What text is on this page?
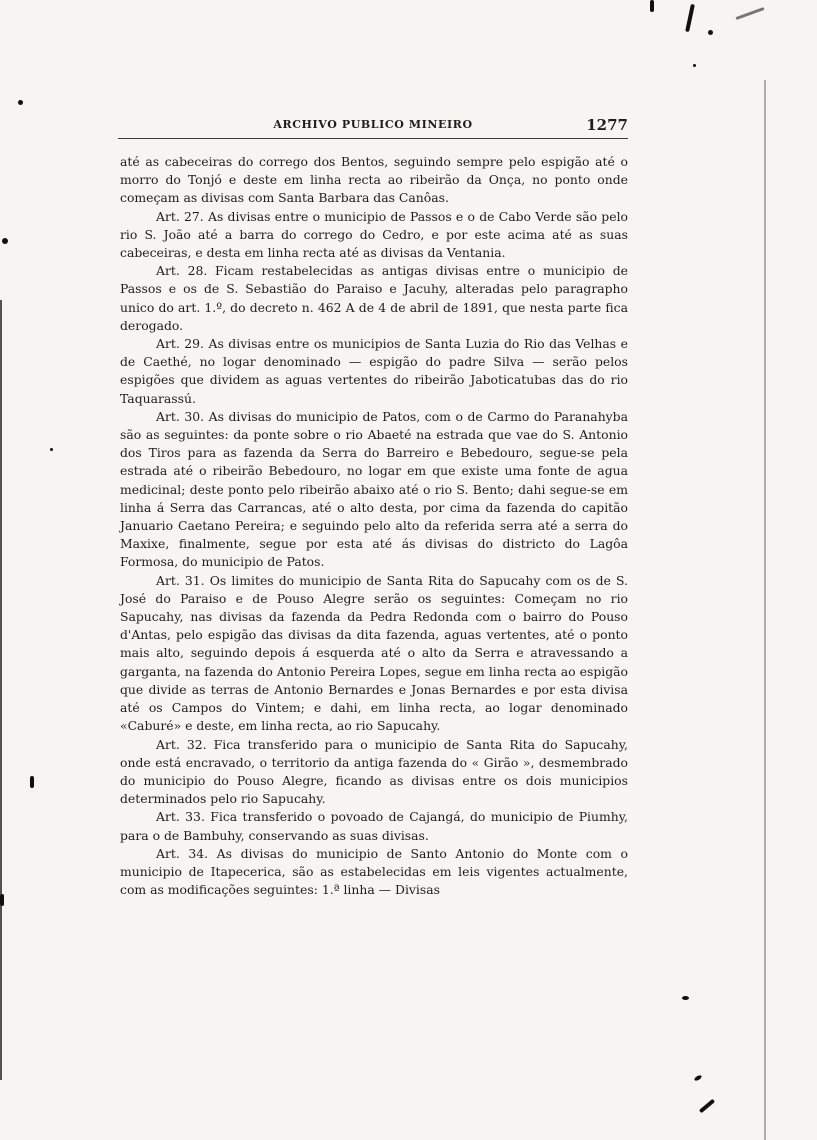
ARCHIVO PUBLICO MINEIRO	1277

até as cabeceiras do corrego dos Bentos, seguindo sempre pelo espigão até o morro do Tonjó e deste em linha recta ao ribeirão da Onça, no ponto onde começam as divisas com Santa Barbara das Canôas.

Art. 27. As divisas entre o municipio de Passos e o de Cabo Verde são pelo rio S. João até a barra do corrego do Cedro, e por este acima até as suas cabeceiras, e desta em linha recta até as divisas da Ventania.

Art. 28. Ficam restabelecidas as antigas divisas entre o municipio de Passos e os de S. Sebastião do Paraiso e Jacuhy, alteradas pelo paragrapho unico do art. 1.º, do decreto n. 462 A de 4 de abril de 1891, que nesta parte fica derogado.

Art. 29. As divisas entre os municipios de Santa Luzia do Rio das Velhas e de Caethé, no logar denominado — espigão do padre Silva — serão pelos espigões que dividem as aguas vertentes do ribeirão Jaboticatubas das do rio Taquarassú.

Art. 30. As divisas do municipio de Patos, com o de Carmo do Paranahyba são as seguintes: da ponte sobre o rio Abaeté na estrada que vae do S. Antonio dos Tiros para as fazenda da Serra do Barreiro e Bebedouro, segue-se pela estrada até o ribeirão Bebedouro, no logar em que existe uma fonte de agua medicinal; deste ponto pelo ribeirão abaixo até o rio S. Bento; dahi segue-se em linha á Serra das Carrancas, até o alto desta, por cima da fazenda do capitão Januario Caetano Pereira; e seguindo pelo alto da referida serra até a serra do Maxixe, finalmente, segue por esta até ás divisas do districto do Lagôa Formosa, do municipio de Patos.

Art. 31. Os limites do municipio de Santa Rita do Sapucahy com os de S. José do Paraiso e de Pouso Alegre serão os seguintes: Começam no rio Sapucahy, nas divisas da fazenda da Pedra Redonda com o bairro do Pouso d'Antas, pelo espigão das divisas da dita fazenda, aguas vertentes, até o ponto mais alto, seguindo depois á esquerda até o alto da Serra e atravessando a garganta, na fazenda do Antonio Pereira Lopes, segue em linha recta ao espigão que divide as terras de Antonio Bernardes e Jonas Bernardes e por esta divisa até os Campos do Vintem; e dahi, em linha recta, ao logar denominado «Caburé» e deste, em linha recta, ao rio Sapucahy.

Art. 32. Fica transferido para o municipio de Santa Rita do Sapucahy, onde está encravado, o territorio da antiga fazenda do « Girão », desmembrado do municipio do Pouso Alegre, ficando as divisas entre os dois municipios determinados pelo rio Sapucahy.

Art. 33. Fica transferido o povoado de Cajangá, do municipio de Piumhy, para o de Bambuhy, conservando as suas divisas.

Art. 34. As divisas do municipio de Santo Antonio do Monte com o municipio de Itapecerica, são as estabelecidas em leis vigentes actualmente, com as modificações seguintes: 1.ª linha — Divisas
